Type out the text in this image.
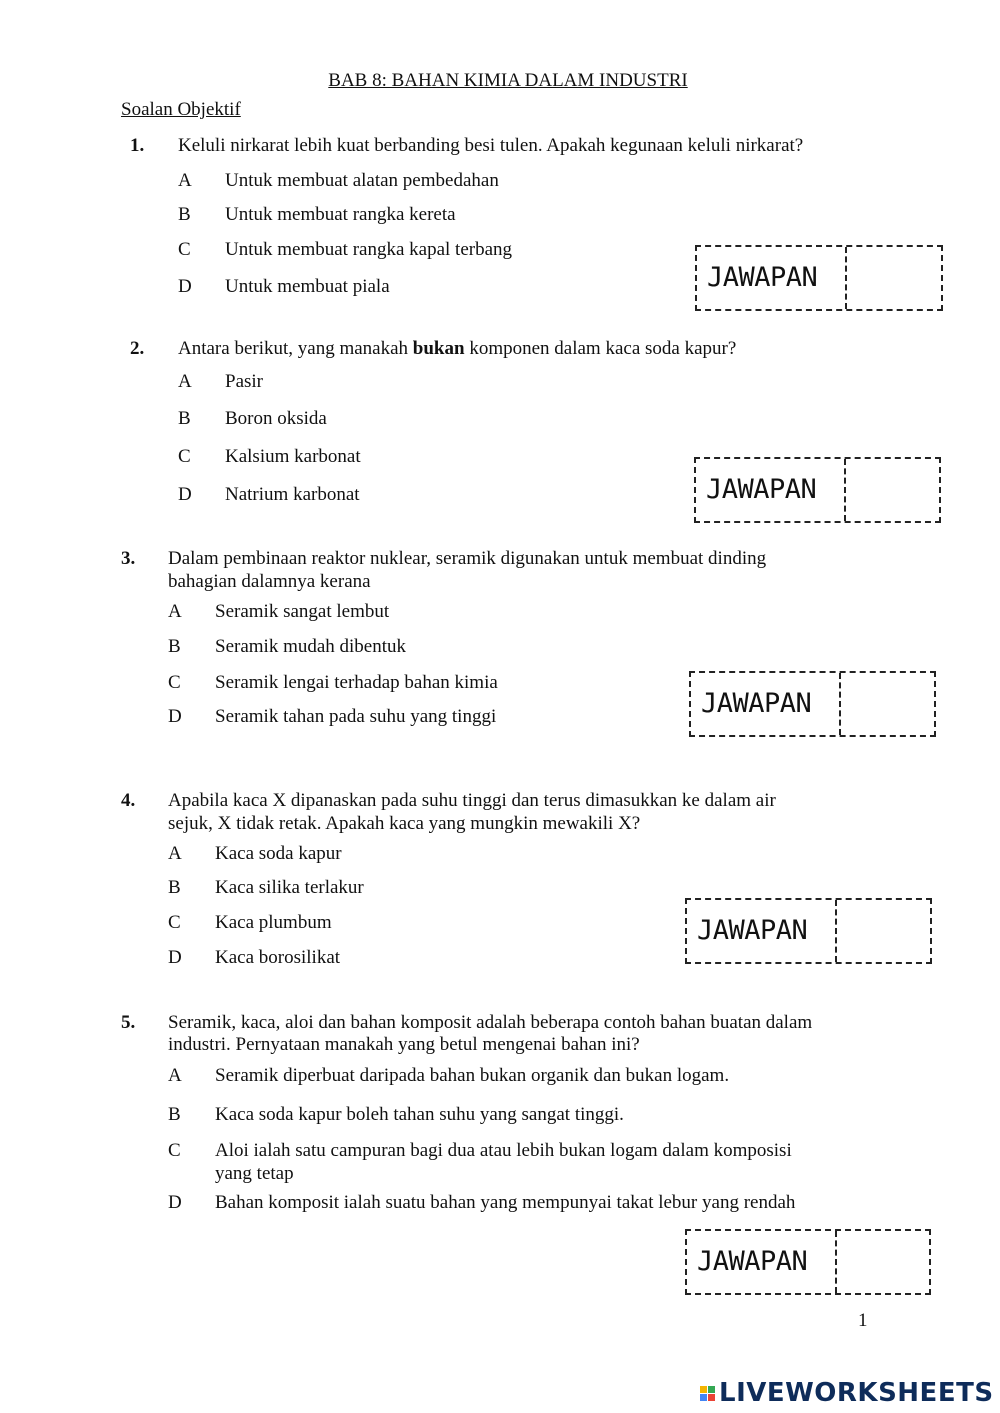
BAB 8: BAHAN KIMIA DALAM INDUSTRI
Soalan Objektif
1. Keluli nirkarat lebih kuat berbanding besi tulen. Apakah kegunaan keluli nirkarat?
A Untuk membuat alatan pembedahan
B Untuk membuat rangka kereta
C Untuk membuat rangka kapal terbang
D Untuk membuat piala	JAWAPAN
2. Antara berikut, yang manakah bukan komponen dalam kaca soda kapur?
A Pasir
B Boron oksida
C Kalsium karbonat
D Natrium karbonat	JAWAPAN
3. Dalam pembinaan reaktor nuklear, seramik digunakan untuk membuat dinding
bahagian dalamnya kerana
A Seramik sangat lembut
B Seramik mudah dibentuk
C Seramik lengai terhadap bahan kimia
D Seramik tahan pada suhu yang tinggi	JAWAPAN
4. Apabila kaca X dipanaskan pada suhu tinggi dan terus dimasukkan ke dalam air
sejuk, X tidak retak. Apakah kaca yang mungkin mewakili X?
A Kaca soda kapur
B Kaca silika terlakur
C Kaca plumbum
D Kaca borosilikat
JAWAPAN
5. Seramik, kaca, aloi dan bahan komposit adalah beberapa contoh bahan buatan dalam
industri. Pernyataan manakah yang betul mengenai bahan ini?
A Seramik diperbuat daripada bahan bukan organik dan bukan logam.
B Kaca soda kapur boleh tahan suhu yang sangat tinggi.
C Aloi ialah satu campuran bagi dua atau lebih bukan logam dalam komposisi
yang tetap
D Bahan komposit ialah suatu bahan yang mempunyai takat lebur yang rendah
JAWAPAN
1
LIVEWORKSHEETS
